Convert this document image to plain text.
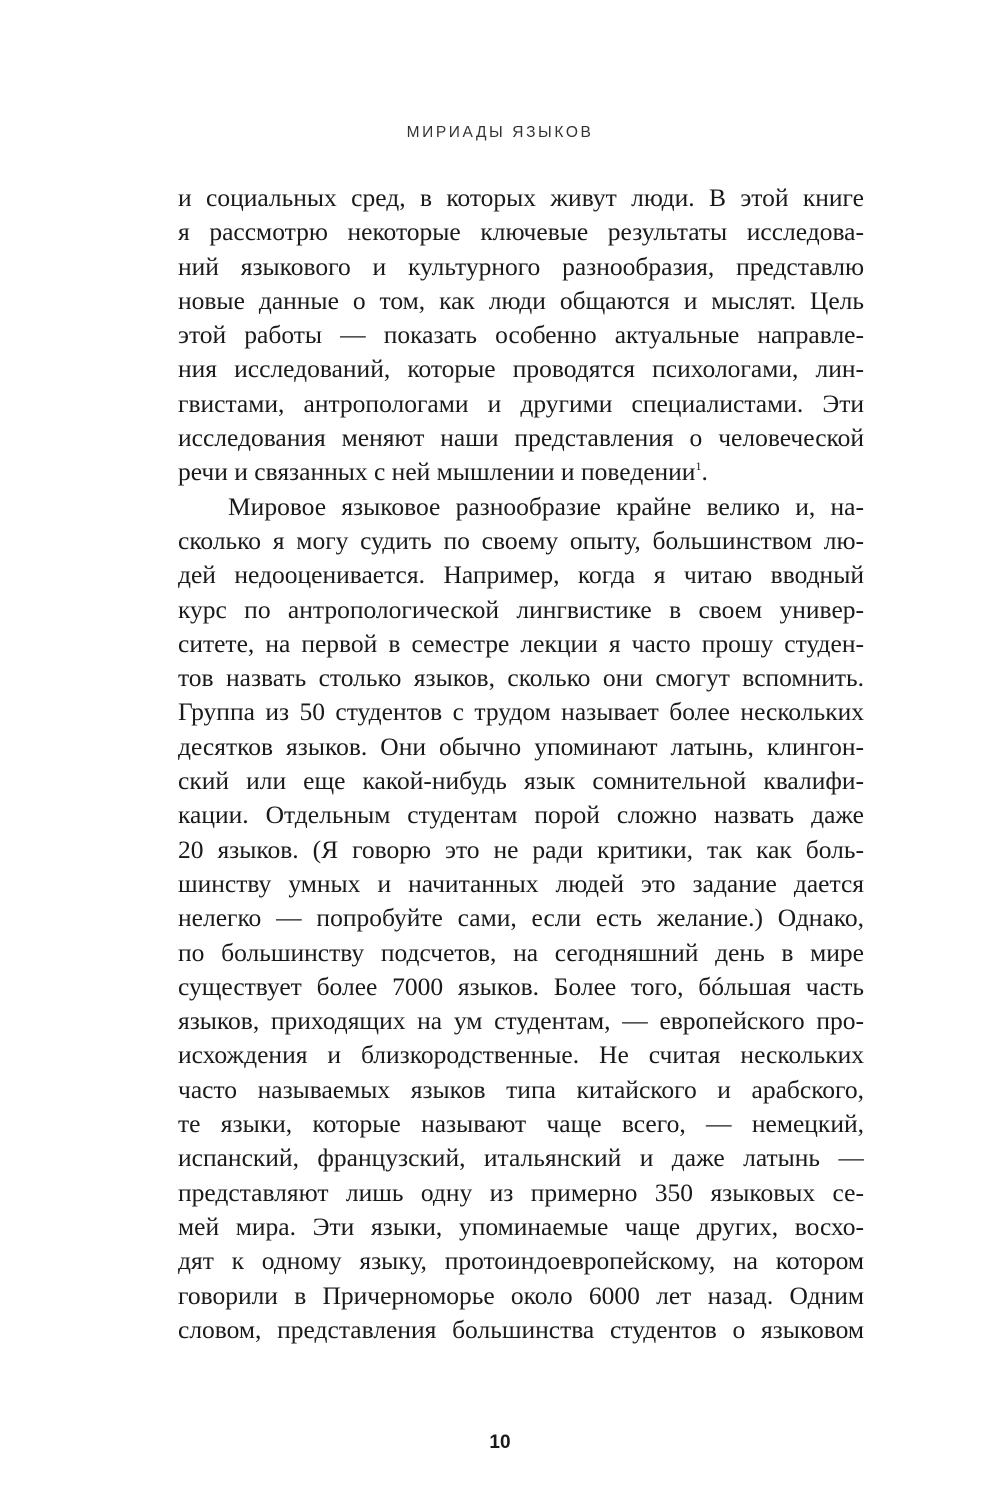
МИРИАДЫ ЯЗЫКОВ
и социальных сред, в которых живут люди. В этой книге
я рассмотрю некоторые ключевые результаты исследова-
ний языкового и культурного разнообразия, представлю
новые данные о том, как люди общаются и мыслят. Цель
этой работы — показать особенно актуальные направле-
ния исследований, которые проводятся психологами, лин-
гвистами, антропологами и другими специалистами. Эти
исследования меняют наши представления о человеческой
речи и связанных с ней мышлении и поведении$^1$.
Мировое языковое разнообразие крайне велико и, на-
сколько я могу судить по своему опыту, большинством лю-
дей недооценивается. Например, когда я читаю вводный
курс по антропологической лингвистике в своем универ-
ситете, на первой в семестре лекции я часто прошу студен-
тов назвать столько языков, сколько они смогут вспомнить.
Группа из 50 студентов с трудом называет более нескольких
десятков языков. Они обычно упоминают латынь, клингон-
ский или еще какой-нибудь язык сомнительной квалифи-
кации. Отдельным студентам порой сложно назвать даже
20 языков. (Я говорю это не ради критики, так как боль-
шинству умных и начитанных людей это задание дается
нелегко — попробуйте сами, если есть желание.) Однако,
по большинству подсчетов, на сегодняшний день в мире
существует более 7000 языков. Более того, бóльшая часть
языков, приходящих на ум студентам, — европейского про-
исхождения и близкородственные. Не считая нескольких
часто называемых языков типа китайского и арабского,
те языки, которые называют чаще всего, — немецкий,
испанский, французский, итальянский и даже латынь —
представляют лишь одну из примерно 350 языковых се-
мей мира. Эти языки, упоминаемые чаще других, восхо-
дят к одному языку, протоиндоевропейскому, на котором
говорили в Причерноморье около 6000 лет назад. Одним
словом, представления большинства студентов о языковом
10
